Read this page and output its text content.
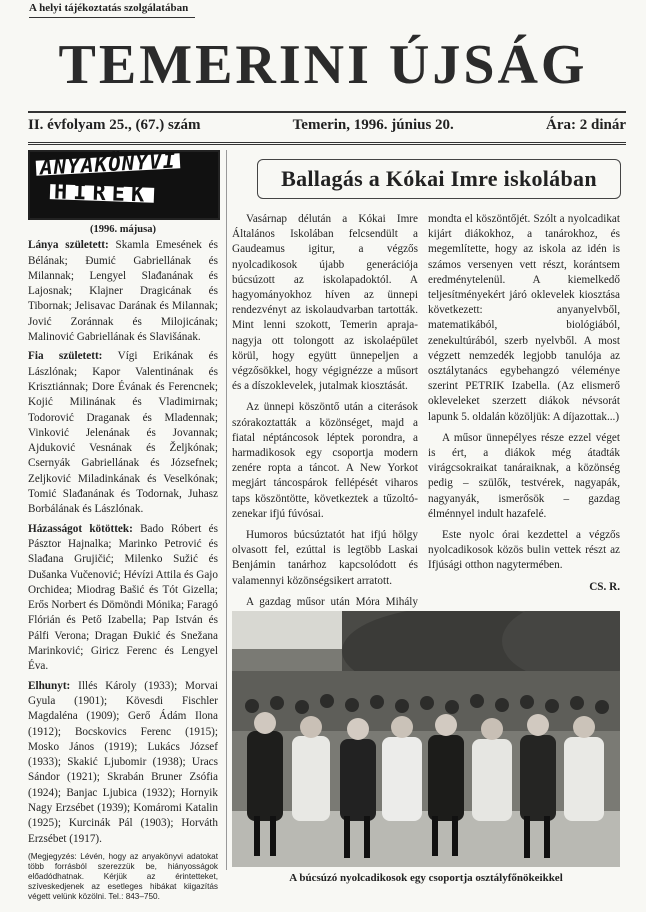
A helyi tájékoztatás szolgálatában
TEMERINI ÚJSÁG
II. évfolyam 25., (67.) szám	Temerin, 1996. június 20.	Ára: 2 dinár
ANYAKÖNYVI
HÍREK
(1996. májusa)

Lánya született: Skamla Emesének és Bélának; Đumić Gabriellának és Milannak; Lengyel Slađanának és Lajosnak; Klajner Dragicának és Tibornak; Jelisavac Darának és Milannak; Jović Zoránnak és Milojicának; Malinović Gabriellának és Slavišának.

Fia született: Vígi Erikának és Lászlónak; Kapor Valentinának és Krisztiánnak; Dore Évának és Ferencnek; Kojić Milinának és Vladimirnak; Todorović Draganak és Mladennak; Vinković Jelenának és Jovannak; Ajduković Vesnának és Željkónak; Csernyák Gabriellának és Józsefnek; Zeljković Miladinkának és Veselkónak; Tomić Slađanának és Todornak, Juhasz Borbálának és Lászlónak.

Házasságot kötöttek: Bado Róbert és Pásztor Hajnalka; Marinko Petrović és Slađana Grujičić; Milenko Sužić és Dušanka Vučenović; Hévízi Attila és Gajo Orchidea; Miodrag Bašić és Tót Gizella; Erős Norbert és Dömöndi Mónika; Faragó Flórián és Pető Izabella; Pap István és Pálfi Verona; Dragan Đukić és Snežana Marinković; Giricz Ferenc és Lengyel Éva.

Elhunyt: Illés Károly (1933); Morvai Gyula (1901); Kövesdi Fischler Magdaléna (1909); Gerő Ádám Ilona (1912); Bocskovics Ferenc (1915); Mosko János (1919); Lukács József (1933); Skakić Ljubomir (1938); Uracs Sándor (1921); Skrabán Bruner Zsófia (1924); Banjac Ljubica (1932); Hornyik Nagy Erzsébet (1939); Komáromi Katalin (1925); Kurcinák Pál (1903); Horváth Erzsébet (1917).

(Megjegyzés: Lévén, hogy az anyakönyvi adatokat több forrásból szerezzük be, hiányosságok előadódhatnak. Kérjük az érintetteket, szíveskedjenek az esetleges hibákat kiigazítás végett velünk közölni. Tel.: 843–750.
Ballagás a Kókai Imre iskolában

Vasárnap délután a Kókai Imre Általános Iskolában felcsendült a Gaudeamus igitur, a végzős nyolcadikosok újabb generációja búcsúzott az iskolapadoktól. A hagyományokhoz híven az ünnepi rendezvényt az iskolaudvarban tartották. Mint lenni szokott, Temerin apraja-nagyja ott tolongott az iskolaépület körül, hogy együtt ünnepeljen a végzősökkel, hogy végignézze a műsort és a díszoklevelek, jutalmak kiosztását.

Az ünnepi köszöntő után a citerások szórakoztatták a közönséget, majd a fiatal néptáncosok léptek porondra, a harmadikosok egy csoportja modern zenére ropta a táncot. A New Yorkot megjárt táncospárok fellépését viharos taps köszöntötte, következtek a tűzoltó-zenekar ifjú fúvósai.

Humoros búcsúztatót hat ifjú hölgy olvasott fel, ezúttal is legtöbb Laskai Benjámin tanárhoz kapcsolódott és valamennyi közönségsikert arratott.

A gazdag műsor után Móra Mihály

mondta el köszöntőjét. Szólt a nyolcadikat kijárt diákokhoz, a tanárokhoz, és megemlítette, hogy az iskola az idén is számos versenyen vett részt, korántsem eredménytelenül. A kiemelkedő teljesítményekért járó oklevelek kiosztása következett: anyanyelvből, matematikából, biológiából, zenekultúrából, szerb nyelvből. A most végzett nemzedék legjobb tanulója az osztálytanács egybehangzó véleménye szerint PETRIK Izabella. (Az elismerő okleveleket szerzett diákok névsorát lapunk 5. oldalán közöljük: A díjazottak...)

A műsor ünnepélyes része ezzel véget is ért, a diákok még átadták virágcsokraikat tanáraiknak, a közönség pedig – szülők, testvérek, nagyapák, nagyanyák, ismerősök – gazdag élménnyel indult hazafelé.

Este nyolc órai kezdettel a végzős nyolcadikosok közös bulin vettek részt az Ifjúsági otthon nagytermében.

CS. R.
A búcsúzó nyolcadikosok egy csoportja osztályfőnökeikkel
